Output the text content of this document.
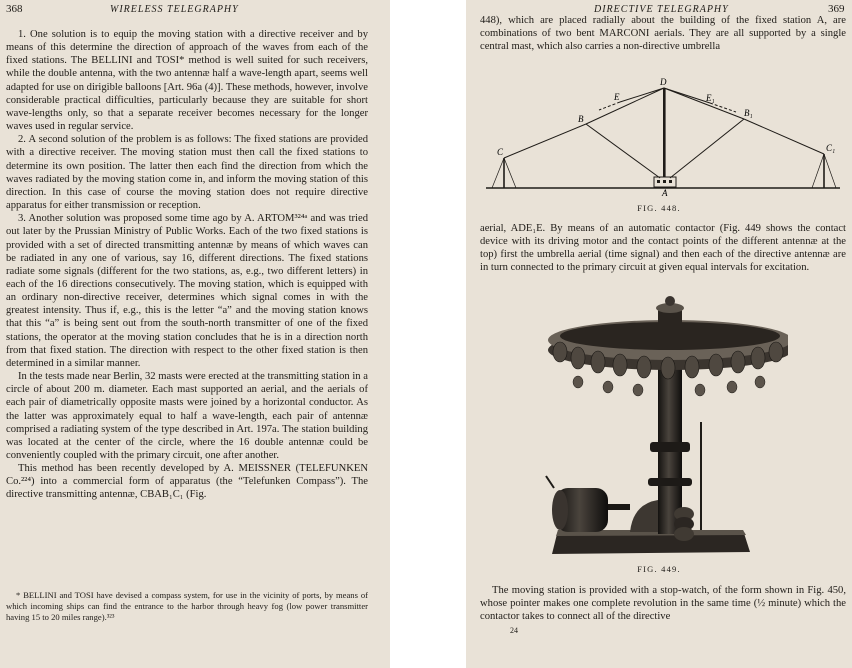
368	WIRELESS TELEGRAPHY

1. One solution is to equip the moving station with a directive receiver and by means of this determine the direction of approach of the waves from each of the fixed stations. The BELLINI and TOSI* method is well suited for such receivers, while the double antenna, with the two antennæ half a wave-length apart, seems well adapted for use on dirigible balloons [Art. 96a (4)]. These methods, however, involve considerable practical difficulties, particularly because they are suitable for short wave-lengths only, so that a separate receiver becomes necessary for the longer waves used in regular service.

2. A second solution of the problem is as follows: The fixed stations are provided with a directive receiver. The moving station must then call the fixed stations to determine its own position. The latter then each find the direction from which the waves radiated by the moving station come in, and inform the moving station of this direction. In this case of course the moving station does not require directive apparatus for either transmission or reception.

3. Another solution was proposed some time ago by A. ARTOM³²⁴ᵃ and was tried out later by the Prussian Ministry of Public Works. Each of the two fixed stations is provided with a set of directed transmitting antennæ by means of which waves can be radiated in any one of various, say 16, different directions. The fixed stations radiate some signals (different for the two stations, as, e.g., two different letters) in each of the 16 directions consecutively. The moving station, which is equipped with an ordinary non-directive receiver, determines which signal comes in with the greatest intensity. Thus if, e.g., this is the letter “a” and the moving station knows that this “a” is being sent out from the south-north transmitter of one of the fixed stations, the operator at the moving station concludes that he is in a direction north from that fixed station. The direction with respect to the other fixed station is then determined in a similar manner.

In the tests made near Berlin, 32 masts were erected at the transmitting station in a circle of about 200 m. diameter. Each mast supported an aerial, and the aerials of each pair of diametrically opposite masts were joined by a horizontal conductor. As the latter was approximately equal to half a wave-length, each pair of antennæ comprised a radiating system of the type described in Art. 197a. The station building was located at the center of the circle, where the 16 double antennæ could be conveniently coupled with the primary circuit, one after another.

This method has been recently developed by A. MEISSNER (TELEFUNKEN Co.²²⁴) into a commercial form of apparatus (the “Telefunken Compass”). The directive transmitting antennæ, CBAB₁C₁ (Fig.

* BELLINI and TOSI have devised a compass system, for use in the vicinity of ports, by means of which incoming ships can find the entrance to the harbor through heavy fog (low power transmitter having 15 to 20 miles range).³²³

DIRECTIVE TELEGRAPHY	369

448), which are placed radially about the building of the fixed station A, are combinations of two bent MARCONI aerials. They are all supported by a single central mast, which also carries a non-directive umbrella

D
E	E₁
B
B₁
C	C₁
A
FIG. 448.

aerial, ADE₁E. By means of an automatic contactor (Fig. 449 shows the contact device with its driving motor and the contact points of the different antennæ at the top) first the umbrella aerial (time signal) and then each of the directive antennæ are in turn connected to the primary circuit at given equal intervals for excitation.

FIG. 449.

The moving station is provided with a stop-watch, of the form shown in Fig. 450, whose pointer makes one complete revolution in the same time (½ minute) which the contactor takes to connect all of the directive

24
